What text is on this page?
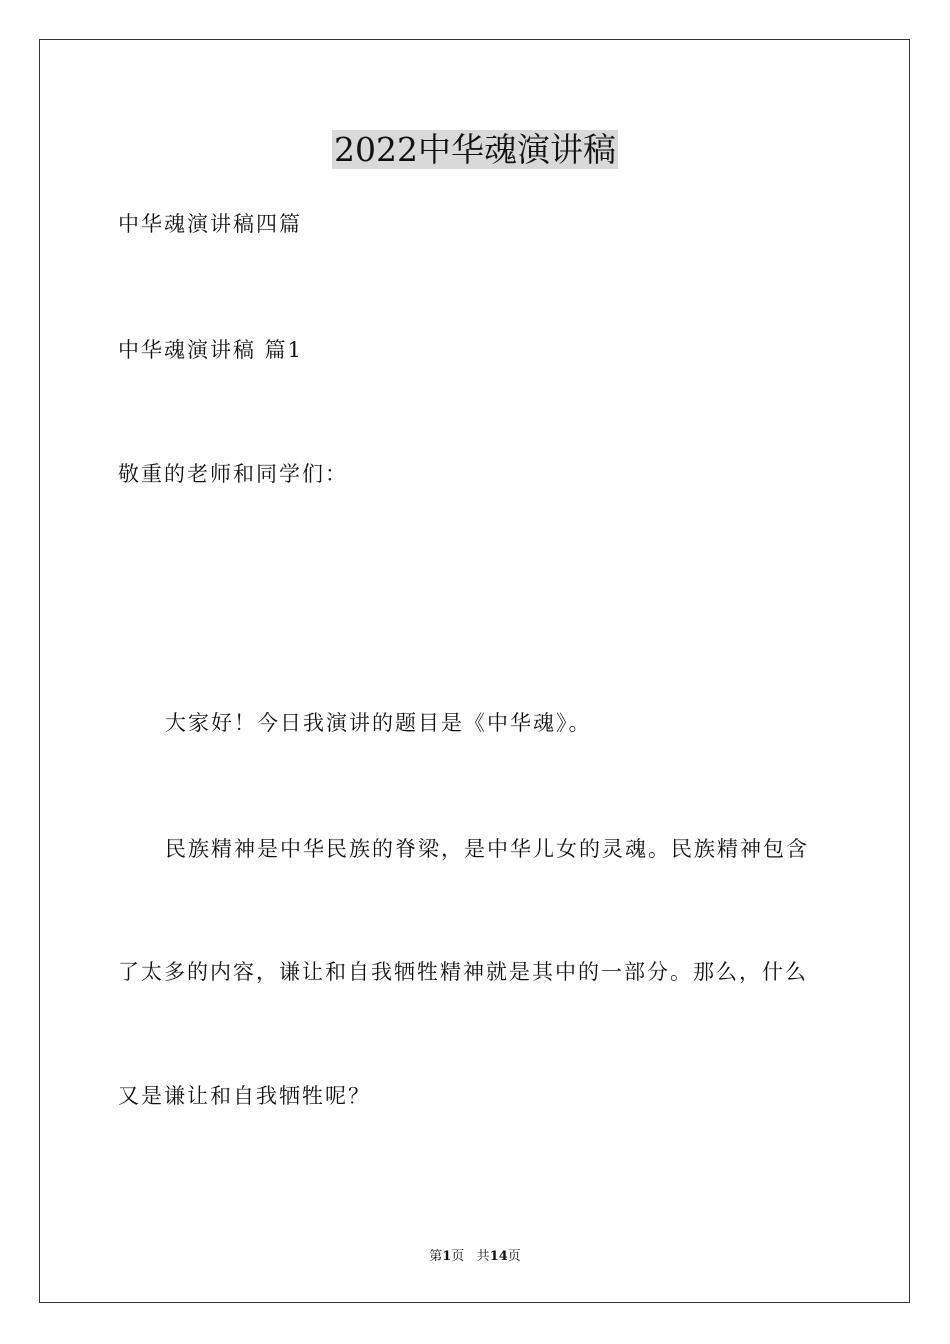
2022中华魂演讲稿

中华魂演讲稿四篇

中华魂演讲稿 篇1

敬重的老师和同学们：

大家好！今日我演讲的题目是《中华魂》。

民族精神是中华民族的脊梁，是中华儿女的灵魂。民族精神包含

了太多的内容，谦让和自我牺牲精神就是其中的一部分。那么，什么

又是谦让和自我牺牲呢？

第1页 共14页
